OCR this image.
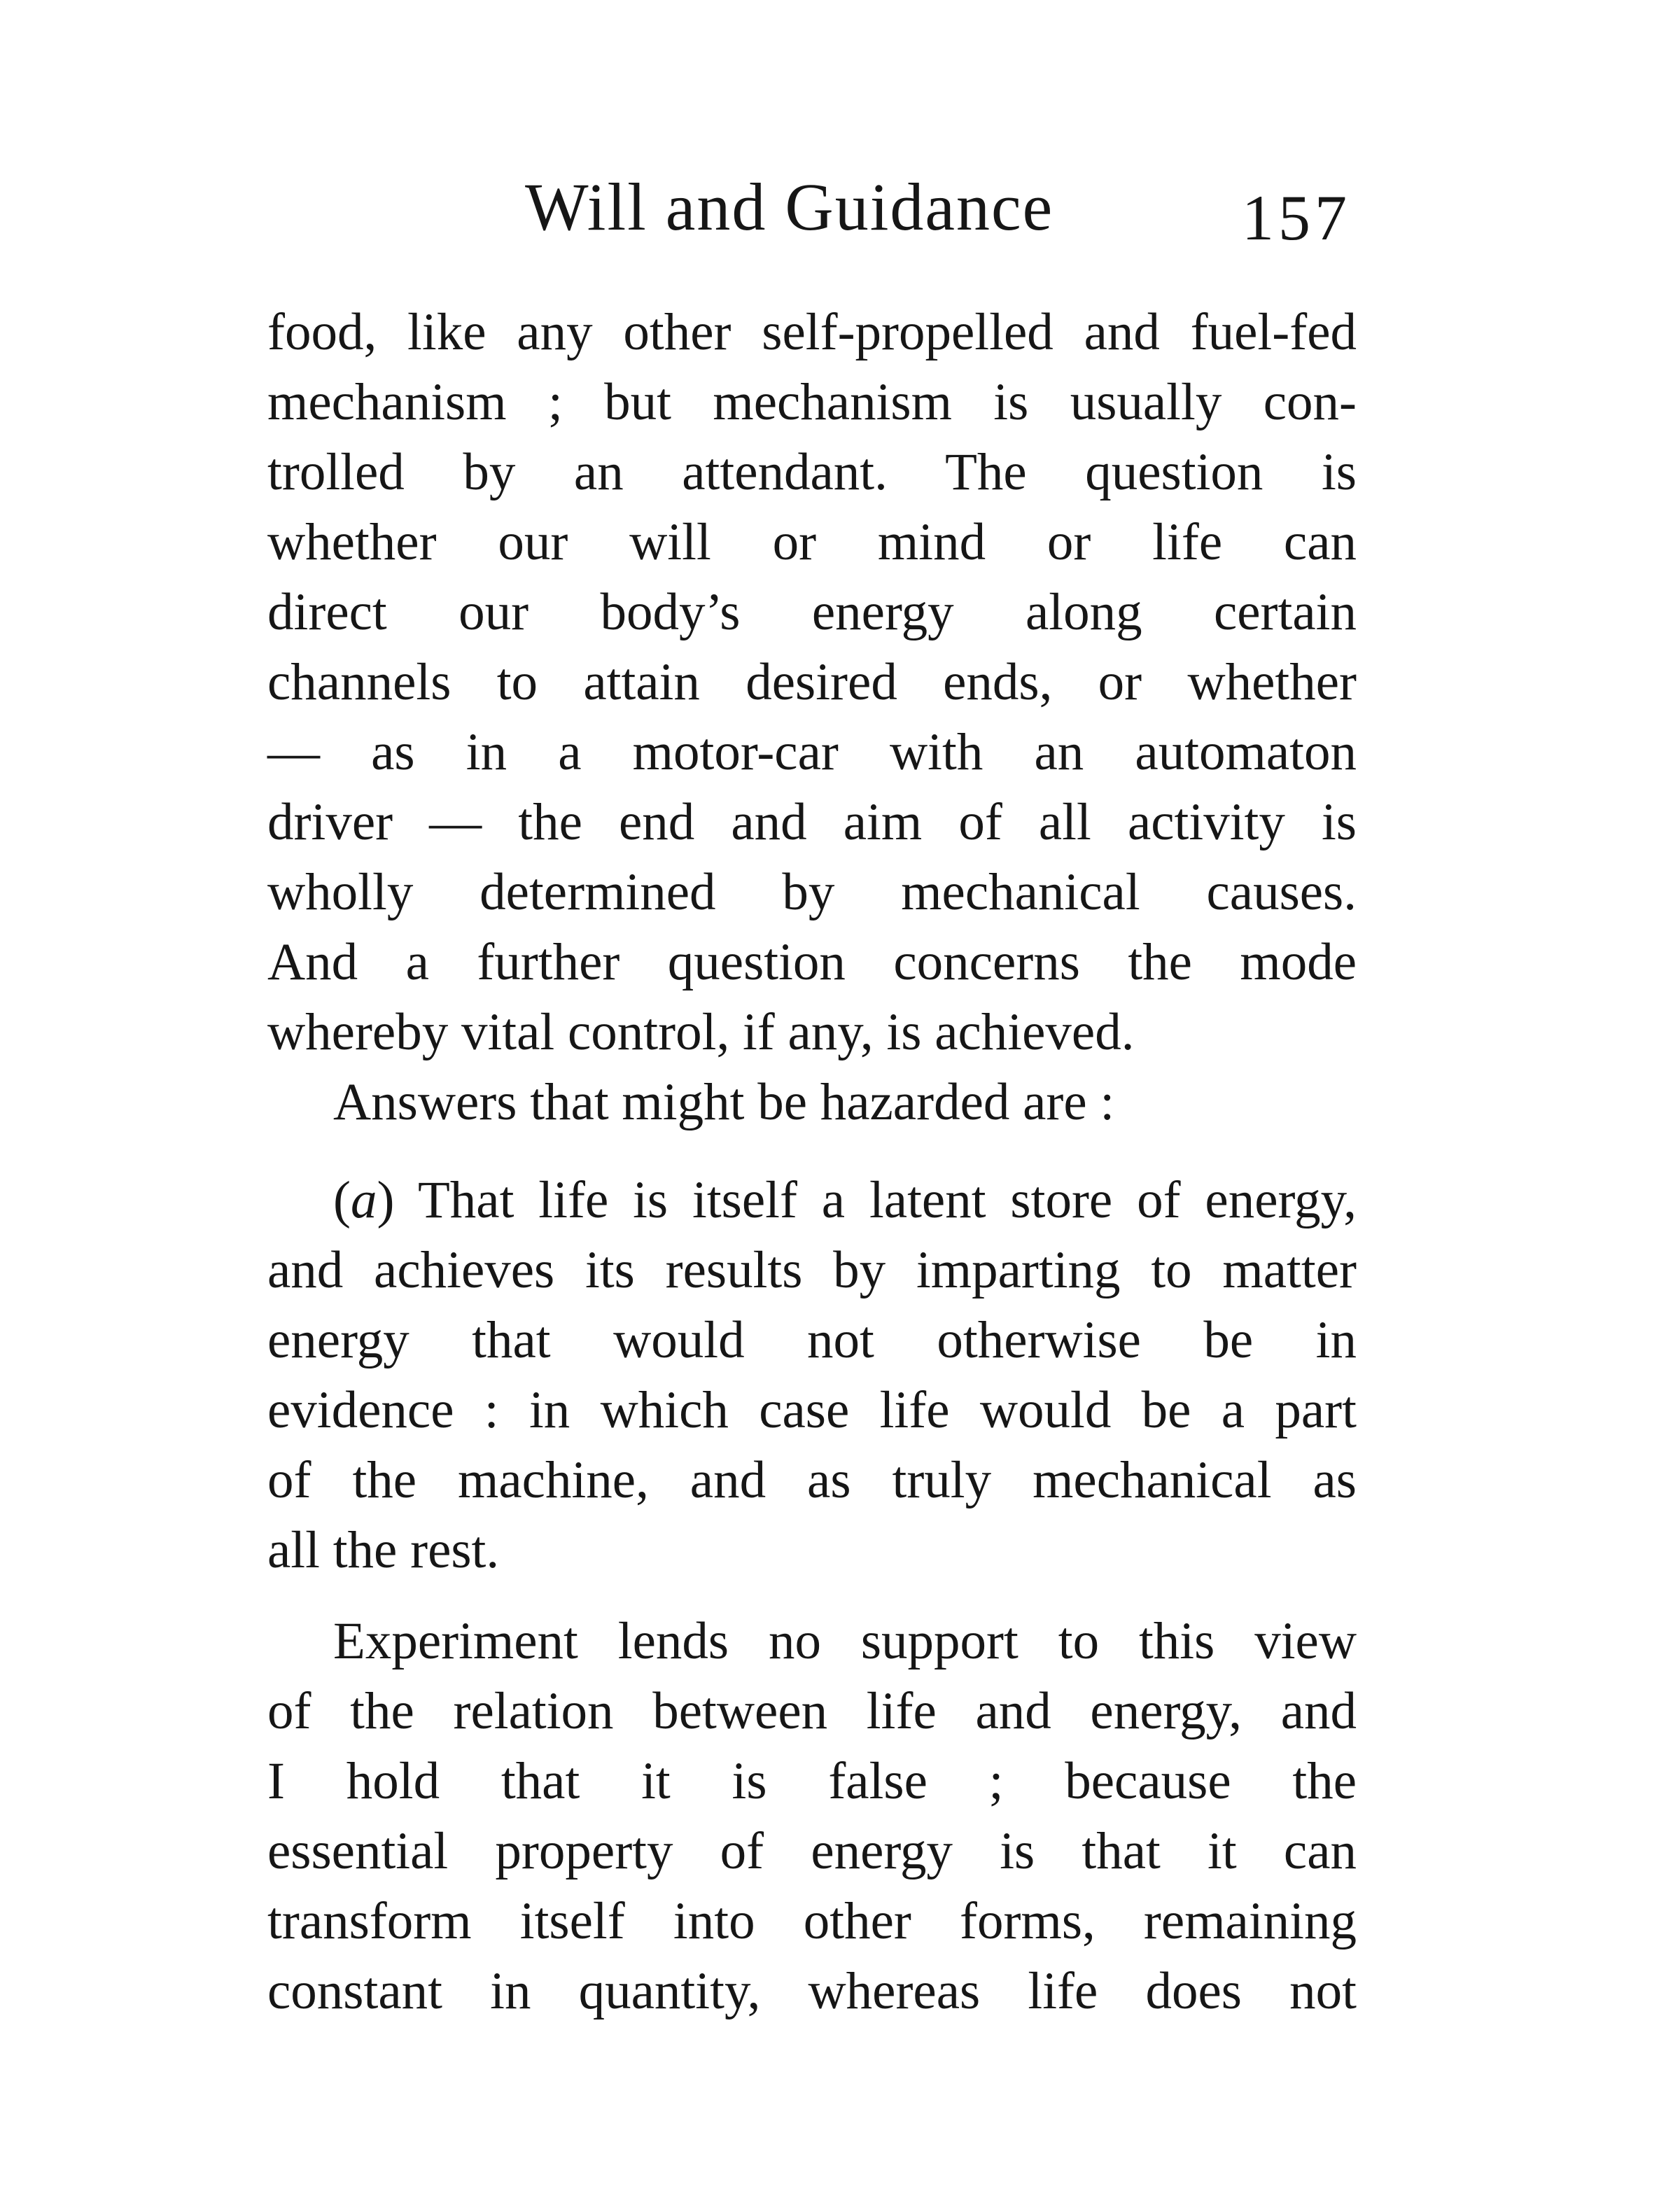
Will and Guidance	157
food, like any other self-propelled and fuel-fed
mechanism ; but mechanism is usually con-
trolled by an attendant. The question is
whether our will or mind or life can
direct our body’s energy along certain
channels to attain desired ends, or whether
— as in a motor-car with an automaton
driver — the end and aim of all activity is
wholly determined by mechanical causes.
And a further question concerns the mode
whereby vital control, if any, is achieved.
Answers that might be hazarded are :
(a) That life is itself a latent store of energy,
and achieves its results by imparting to matter
energy that would not otherwise be in
evidence : in which case life would be a part
of the machine, and as truly mechanical as
all the rest.
Experiment lends no support to this view
of the relation between life and energy, and
I hold that it is false ; because the
essential property of energy is that it can
transform itself into other forms, remaining
constant in quantity, whereas life does not
